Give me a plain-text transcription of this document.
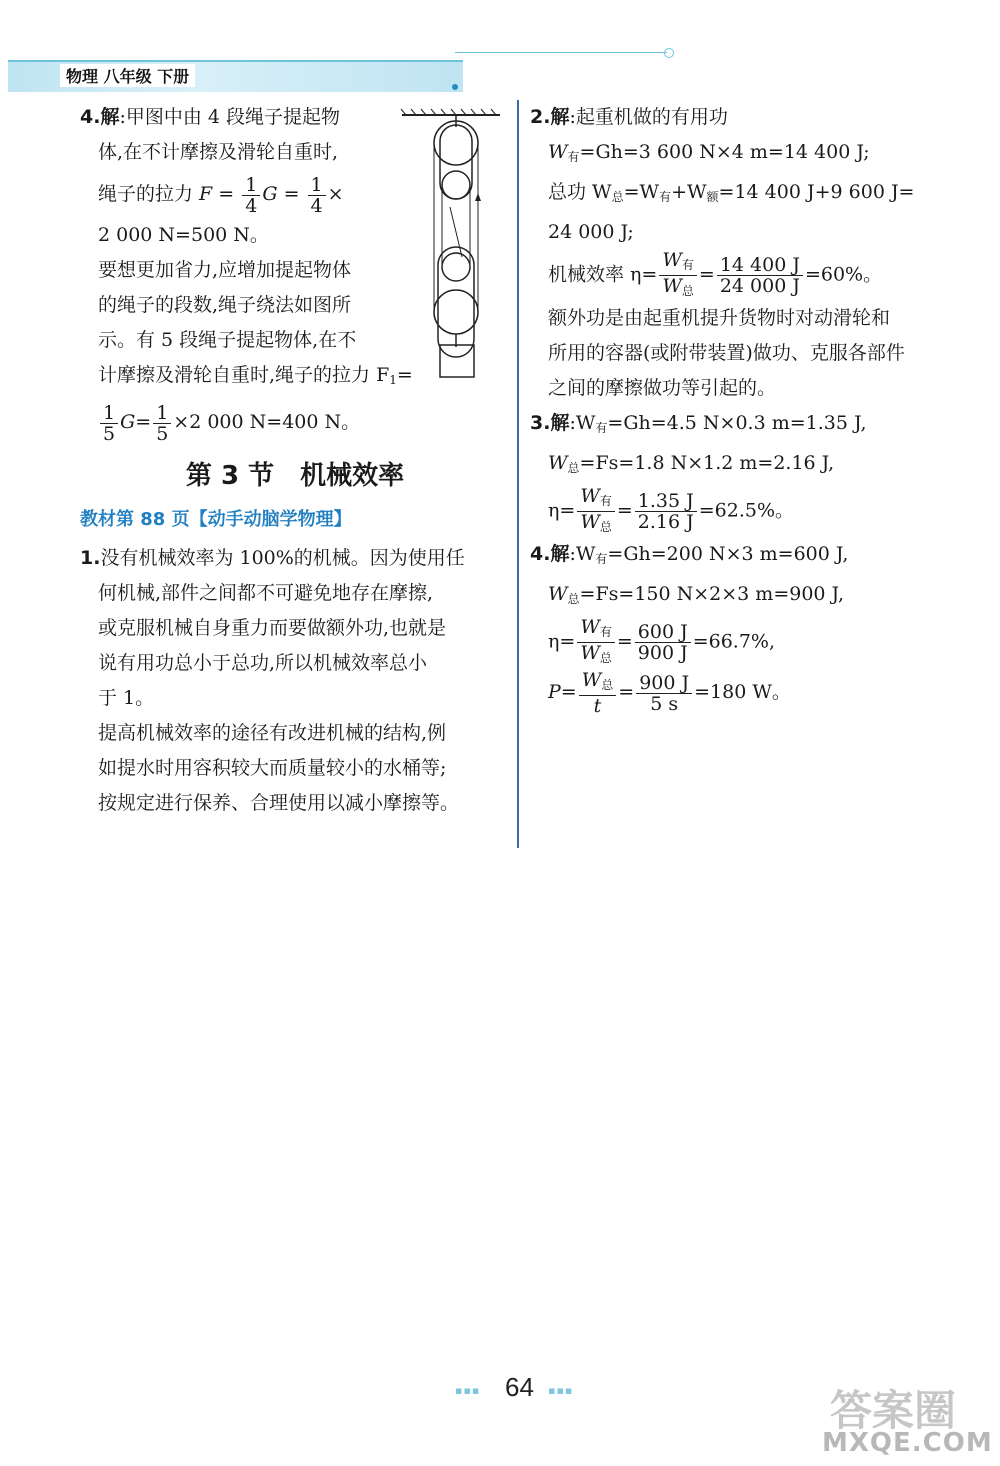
物理 八年级 下册

4.解:甲图中由 4 段绳子提起物

体,在不计摩擦及滑轮自重时,

绳子的拉力 $F = \frac{1}{4}$ $G = \frac{1}{4}$ ×

2 000 N=500 N。

要想更加省力,应增加提起物体

的绳子的段数,绳子绕法如图所

示。有 5 段绳子提起物体,在不

计摩擦及滑轮自重时,绳子的拉力 $F_1=$

$\frac{1}{5} G= \frac{1}{5} \times 2$ 000 N=400 N。

第 3 节　机械效率
教材第 88 页【动手动脑学物理】

1.没有机械效率为 100%的机械。因为使用任

何机械,部件之间都不可避免地存在摩擦,

或克服机械自身重力而要做额外功,也就是

说有用功总小于总功,所以机械效率总小

于 1。

提高机械效率的途径有改进机械的结构,例

如提水时用容积较大而质量较小的水桶等;

按规定进行保养、合理使用以减小摩擦等。

2.解:起重机做的有用功

$W_有=Gh=3$ 600 N×4 m=14 400 J;

总功 $W_总=W_有+W_额=14$ 400 J+9 600 J=

24 000 J;

机械效率 $\eta= \frac{W_有}{W_总} = \frac{14 400 J}{24 000 J} =60\%$。

额外功是由起重机提升货物时对动滑轮和

所用的容器(或附带装置)做功、克服各部件

之间的摩擦做功等引起的。

3.解$:W_有=Gh=4.5$ N×0.3 m=1.35 J,

$W_总=Fs=1.8$ N×1.2 m=2.16 J,

$\eta= \frac{W_有}{W_总} = \frac{1.35 J}{2.16 J} =62.5\%$。

4.解$:W_有=Gh=200$ N×3 m=600 J,

$W_总=Fs=150$ N×2×3 m=900 J,

$\eta= \frac{W_有}{W_总} = \frac{600 J}{900 J} =66.7\%$,

$P= \frac{W_总}{t} = \frac{900 J}{5 s} =180$ W。

▪▪▪ 64 ▪▪▪	答案圈
MXQE.COM
